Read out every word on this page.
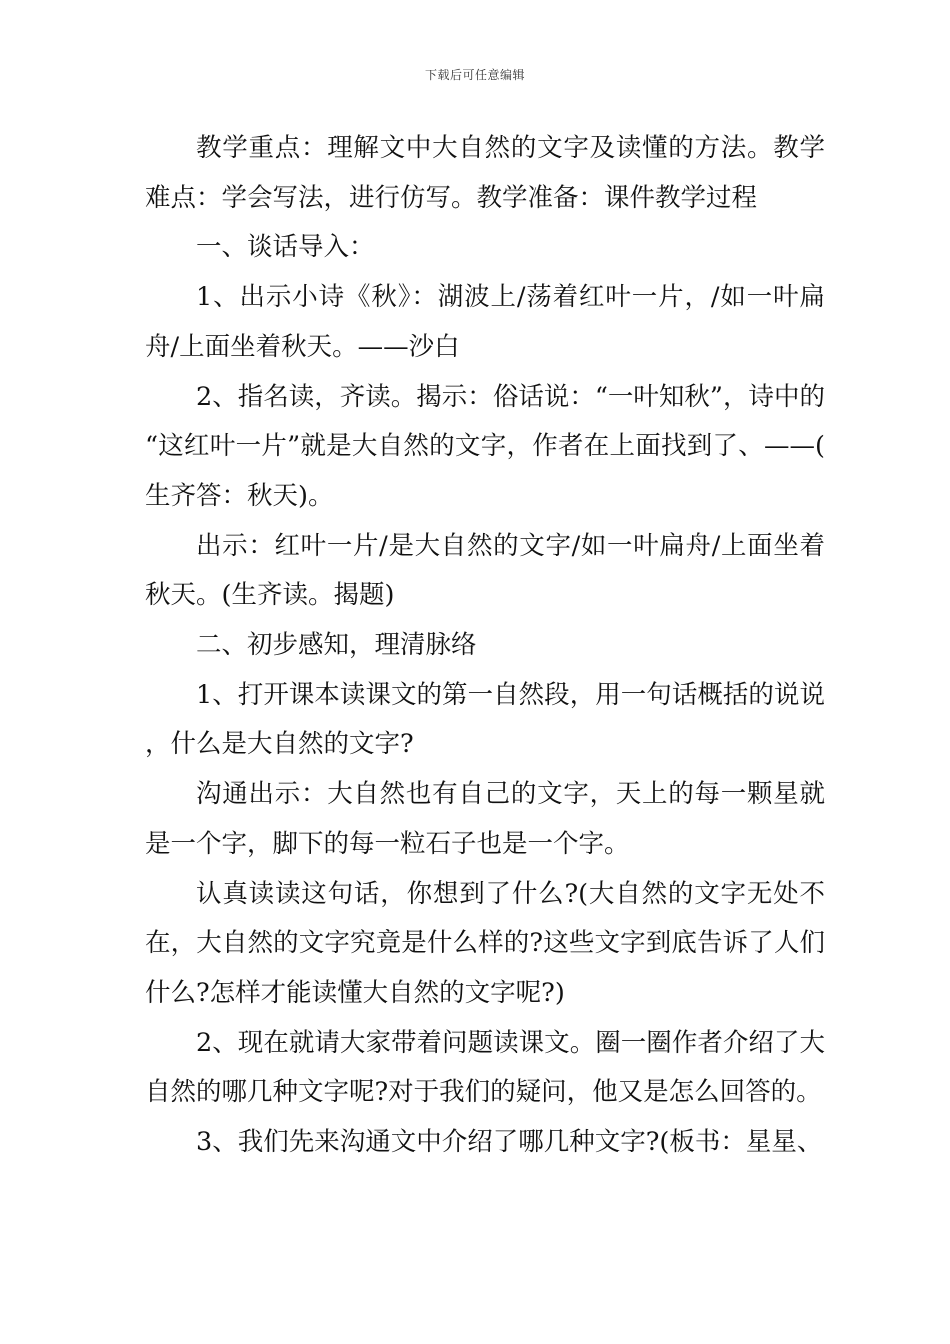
下载后可任意编辑

教学重点：理解文中大自然的文字及读懂的方法。教学难点：学会写法，进行仿写。教学准备：课件教学过程

一、谈话导入：

1、出示小诗《秋》：湖波上/荡着红叶一片，/如一叶扁舟/上面坐着秋天。——沙白

2、指名读，齐读。揭示：俗话说：“一叶知秋”，诗中的“这红叶一片”就是大自然的文字，作者在上面找到了、——(生齐答：秋天)。

出示：红叶一片/是大自然的文字/如一叶扁舟/上面坐着秋天。(生齐读。揭题)

二、初步感知，理清脉络

1、打开课本读课文的第一自然段，用一句话概括的说说，什么是大自然的文字?

沟通出示：大自然也有自己的文字，天上的每一颗星就是一个字，脚下的每一粒石子也是一个字。

认真读读这句话，你想到了什么?(大自然的文字无处不在，大自然的文字究竟是什么样的?这些文字到底告诉了人们什么?怎样才能读懂大自然的文字呢?)

2、现在就请大家带着问题读课文。圈一圈作者介绍了大自然的哪几种文字呢?对于我们的疑问，他又是怎么回答的。

3、我们先来沟通文中介绍了哪几种文字?(板书：星星、
